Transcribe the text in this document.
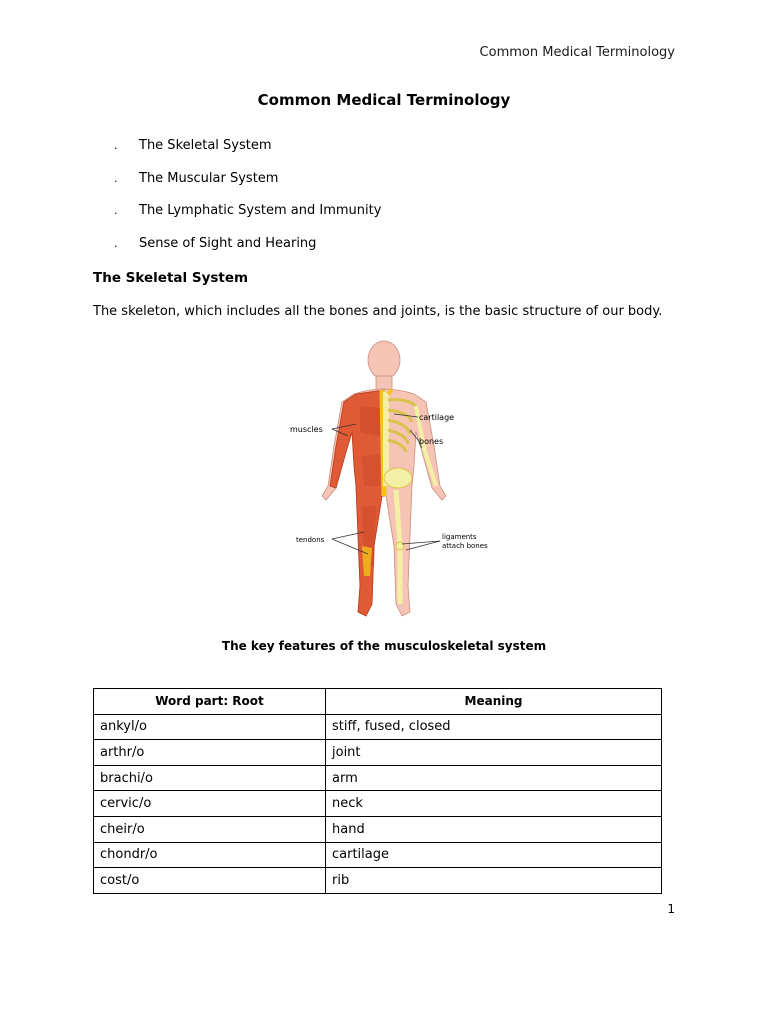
Common Medical Terminology
Common Medical Terminology
.	The Skeletal System
.	The Muscular System
.	The Lymphatic System and Immunity
.	Sense of Sight and Hearing
The Skeletal System
The skeleton, which includes all the bones and joints, is the basic structure of our body.
muscles
cartilage
bones
tendons	ligaments
attach bones
The key features of the musculoskeletal system
Word part: Root	Meaning
ankyl/o	stiff, fused, closed
arthr/o	joint
brachi/o	arm
cervic/o	neck
cheir/o	hand
chondr/o	cartilage
cost/o	rib
1
